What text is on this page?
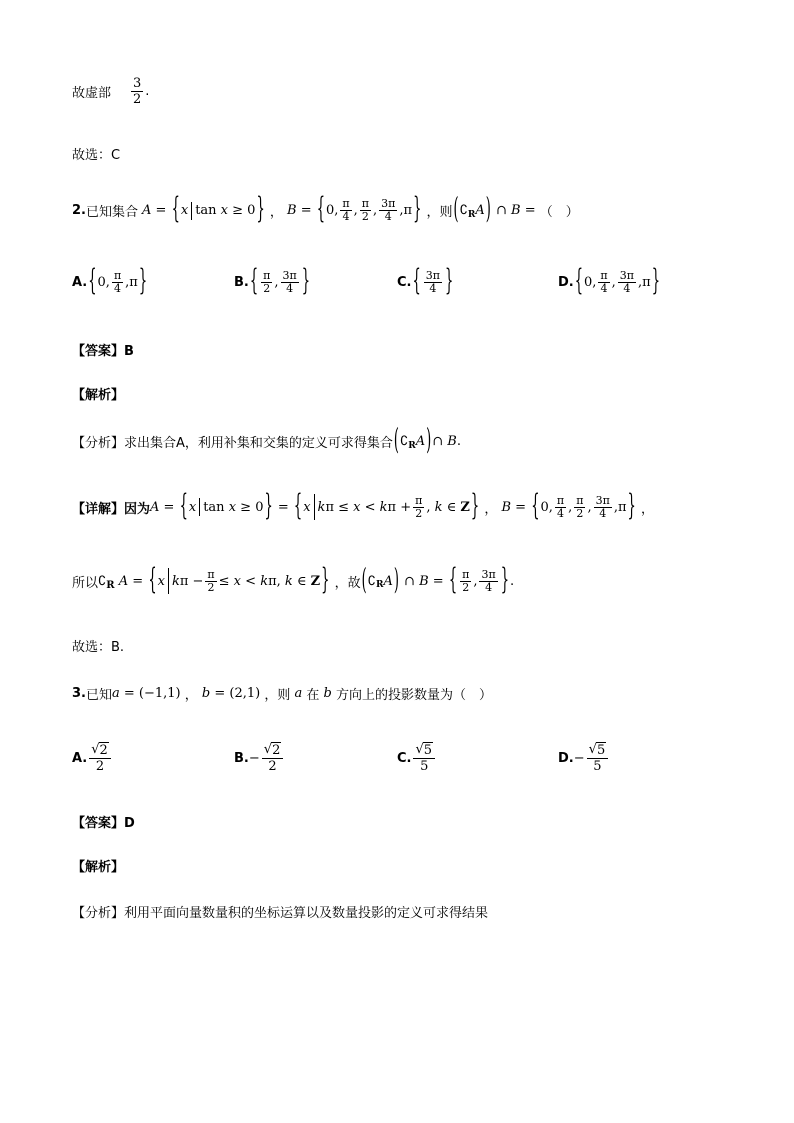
故虚部 $\frac{3}{2}$ .
故选：C
2. 已知集合 A = { x tan x ≥ 0 } ， B = { 0, $\frac{\pi}{4}$ , $\frac{\pi}{2}$ , $\frac{3\pi}{4} ,\pi$ } ，则 ( ∁ R A ) ∩ B = （　）
A. { 0, $\frac{\pi}{4} ,\pi$ }	B. { $\frac{\pi}{2}$ , $\frac{3\pi}{4}$ }	C. { $\frac{3\pi}{4}$ }	D. { 0, $\frac{\pi}{4}$ , $\frac{3\pi}{4} ,\pi$ }
【答案】B
【解析】
【分析】求出集合A，利用补集和交集的定义可求得集合 ( ∁ R A ) ∩ B .
【详解】因为 A = { x tan x ≥ 0 } = { x k π ≤ x < k $\pi + \frac{\pi}{2}$ , k ∈ Z } ， B = { 0, $\frac{\pi}{4}$ , $\frac{\pi}{2}$ , $\frac{3\pi}{4} ,\pi$ } ，
所以 ∁ R A = { x k $\pi - \frac{\pi}{2} \le x < k$ π, k ∈ Z } ，故 ( ∁ R A ) ∩ B = { $\frac{\pi}{2}$ , $\frac{3\pi}{4}$ } .
故选：B.
3. 已知 a = (−1,1) ， b = (2,1) ，则 a 在 b 方向上的投影数量为（　）
A. $\frac{√ 2}{2}$	B. − $\frac{√ 2}{2}$	C. $\frac{√ 5}{5}$	D. − $\frac{√ 5}{5}$
【答案】D
【解析】
【分析】利用平面向量数量积的坐标运算以及数量投影的定义可求得结果
